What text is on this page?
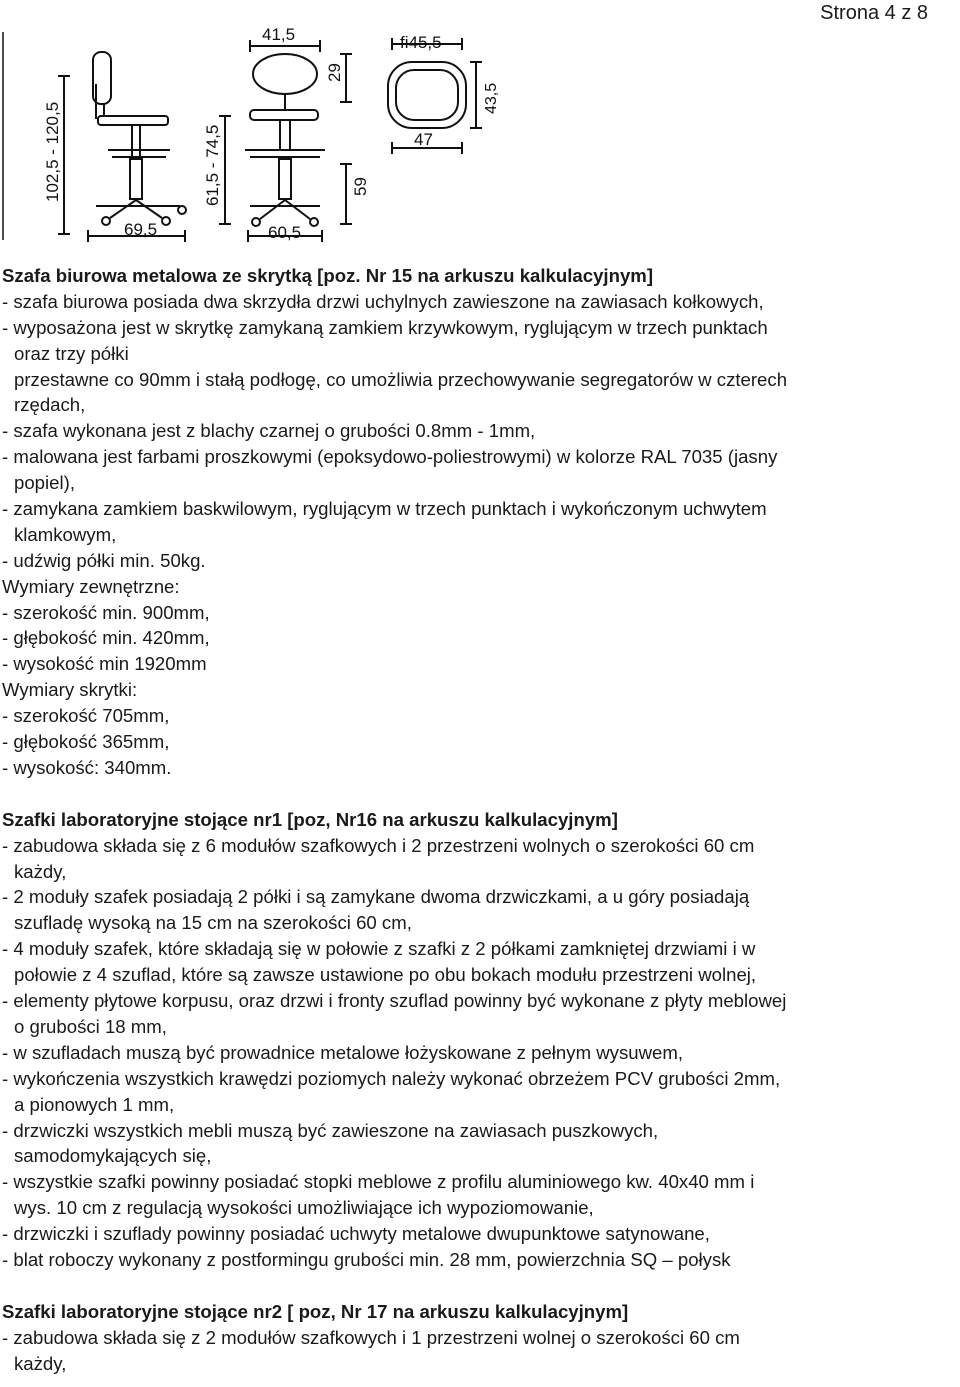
Strona 4 z 8
102,5 - 120,5
69,5
41,5
29
61,5 - 74,5	59
60,5
fi45,5
43,5
47
Szafa biurowa metalowa ze skrytką [poz. Nr 15 na arkuszu kalkulacyjnym]
- szafa biurowa posiada dwa skrzydła drzwi uchylnych zawieszone na zawiasach kołkowych,
- wyposażona jest w skrytkę zamykaną zamkiem krzywkowym, ryglującym w trzech punktach
oraz trzy półki
przestawne co 90mm i stałą podłogę, co umożliwia przechowywanie segregatorów w czterech
rzędach,
- szafa wykonana jest z blachy czarnej o grubości 0.8mm - 1mm,
- malowana jest farbami proszkowymi (epoksydowo-poliestrowymi) w kolorze RAL 7035 (jasny
popiel),
- zamykana zamkiem baskwilowym, ryglującym w trzech punktach i wykończonym uchwytem
klamkowym,
- udźwig półki min. 50kg.
Wymiary zewnętrzne:
- szerokość min. 900mm,
- głębokość min. 420mm,
- wysokość min 1920mm
Wymiary skrytki:
- szerokość 705mm,
- głębokość 365mm,
- wysokość: 340mm.
Szafki laboratoryjne stojące nr1 [poz, Nr16 na arkuszu kalkulacyjnym]
- zabudowa składa się z 6 modułów szafkowych i 2 przestrzeni wolnych o szerokości 60 cm
każdy,
- 2 moduły szafek posiadają 2 półki i są zamykane dwoma drzwiczkami, a u góry posiadają
szufladę wysoką na 15 cm na szerokości 60 cm,
- 4 moduły szafek, które składają się w połowie z szafki z 2 półkami zamkniętej drzwiami i w
połowie z 4 szuflad, które są zawsze ustawione po obu bokach modułu przestrzeni wolnej,
- elementy płytowe korpusu, oraz drzwi i fronty szuflad powinny być wykonane z płyty meblowej
o grubości 18 mm,
- w szufladach muszą być prowadnice metalowe łożyskowane z pełnym wysuwem,
- wykończenia wszystkich krawędzi poziomych należy wykonać obrzeżem PCV grubości 2mm,
a pionowych 1 mm,
- drzwiczki wszystkich mebli muszą być zawieszone na zawiasach puszkowych,
samodomykających się,
- wszystkie szafki powinny posiadać stopki meblowe z profilu aluminiowego kw. 40x40 mm i
wys. 10 cm z regulacją wysokości umożliwiające ich wypoziomowanie,
- drzwiczki i szuflady powinny posiadać uchwyty metalowe dwupunktowe satynowane,
- blat roboczy wykonany z postformingu grubości min. 28 mm, powierzchnia SQ – połysk
Szafki laboratoryjne stojące nr2 [ poz, Nr 17 na arkuszu kalkulacyjnym]
- zabudowa składa się z 2 modułów szafkowych i 1 przestrzeni wolnej o szerokości 60 cm
każdy,
